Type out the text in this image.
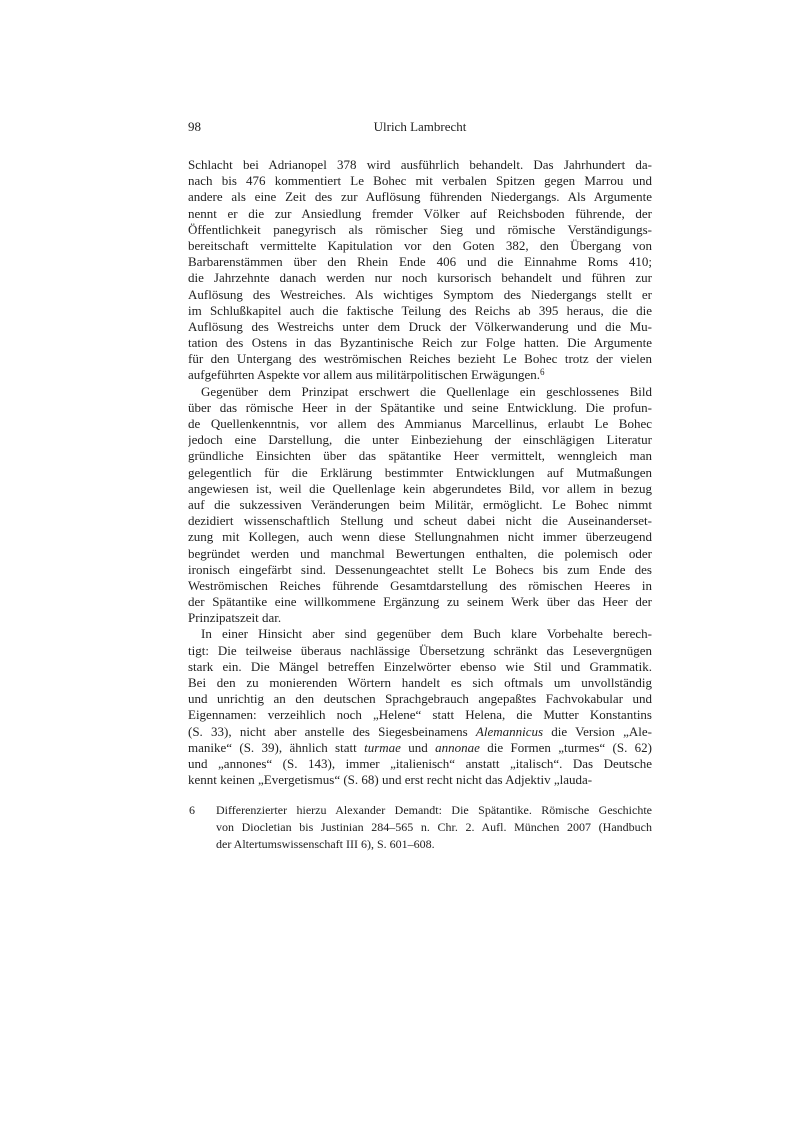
98	Ulrich Lambrecht
Schlacht bei Adrianopel 378 wird ausführlich behandelt. Das Jahrhundert da-
nach bis 476 kommentiert Le Bohec mit verbalen Spitzen gegen Marrou und
andere als eine Zeit des zur Auflösung führenden Niedergangs. Als Argumente
nennt er die zur Ansiedlung fremder Völker auf Reichsboden führende, der
Öffentlichkeit panegyrisch als römischer Sieg und römische Verständigungs-
bereitschaft vermittelte Kapitulation vor den Goten 382, den Übergang von
Barbarenstämmen über den Rhein Ende 406 und die Einnahme Roms 410;
die Jahrzehnte danach werden nur noch kursorisch behandelt und führen zur
Auflösung des Westreiches. Als wichtiges Symptom des Niedergangs stellt er
im Schlußkapitel auch die faktische Teilung des Reichs ab 395 heraus, die die
Auflösung des Westreichs unter dem Druck der Völkerwanderung und die Mu-
tation des Ostens in das Byzantinische Reich zur Folge hatten. Die Argumente
für den Untergang des weströmischen Reiches bezieht Le Bohec trotz der vielen
aufgeführten Aspekte vor allem aus militärpolitischen Erwägungen.$^6$
Gegenüber dem Prinzipat erschwert die Quellenlage ein geschlossenes Bild
über das römische Heer in der Spätantike und seine Entwicklung. Die profun-
de Quellenkenntnis, vor allem des Ammianus Marcellinus, erlaubt Le Bohec
jedoch eine Darstellung, die unter Einbeziehung der einschlägigen Literatur
gründliche Einsichten über das spätantike Heer vermittelt, wenngleich man
gelegentlich für die Erklärung bestimmter Entwicklungen auf Mutmaßungen
angewiesen ist, weil die Quellenlage kein abgerundetes Bild, vor allem in bezug
auf die sukzessiven Veränderungen beim Militär, ermöglicht. Le Bohec nimmt
dezidiert wissenschaftlich Stellung und scheut dabei nicht die Auseinanderset-
zung mit Kollegen, auch wenn diese Stellungnahmen nicht immer überzeugend
begründet werden und manchmal Bewertungen enthalten, die polemisch oder
ironisch eingefärbt sind. Dessenungeachtet stellt Le Bohecs bis zum Ende des
Weströmischen Reiches führende Gesamtdarstellung des römischen Heeres in
der Spätantike eine willkommene Ergänzung zu seinem Werk über das Heer der
Prinzipatszeit dar.
In einer Hinsicht aber sind gegenüber dem Buch klare Vorbehalte berech-
tigt: Die teilweise überaus nachlässige Übersetzung schränkt das Lesevergnügen
stark ein. Die Mängel betreffen Einzelwörter ebenso wie Stil und Grammatik.
Bei den zu monierenden Wörtern handelt es sich oftmals um unvollständig
und unrichtig an den deutschen Sprachgebrauch angepaßtes Fachvokabular und
Eigennamen: verzeihlich noch „Helene“ statt Helena, die Mutter Konstantins
(S. 33), nicht aber anstelle des Siegesbeinamens Alemannicus die Version „Ale-
manike“ (S. 39), ähnlich statt turmae und annonae die Formen „turmes“ (S. 62)
und „annones“ (S. 143), immer „italienisch“ anstatt „italisch“. Das Deutsche
kennt keinen „Evergetismus“ (S. 68) und erst recht nicht das Adjektiv „lauda-
6 Differenzierter hierzu Alexander Demandt: Die Spätantike. Römische Geschichte
von Diocletian bis Justinian 284–565 n. Chr. 2. Aufl. München 2007 (Handbuch
der Altertumswissenschaft III 6), S. 601–608.
